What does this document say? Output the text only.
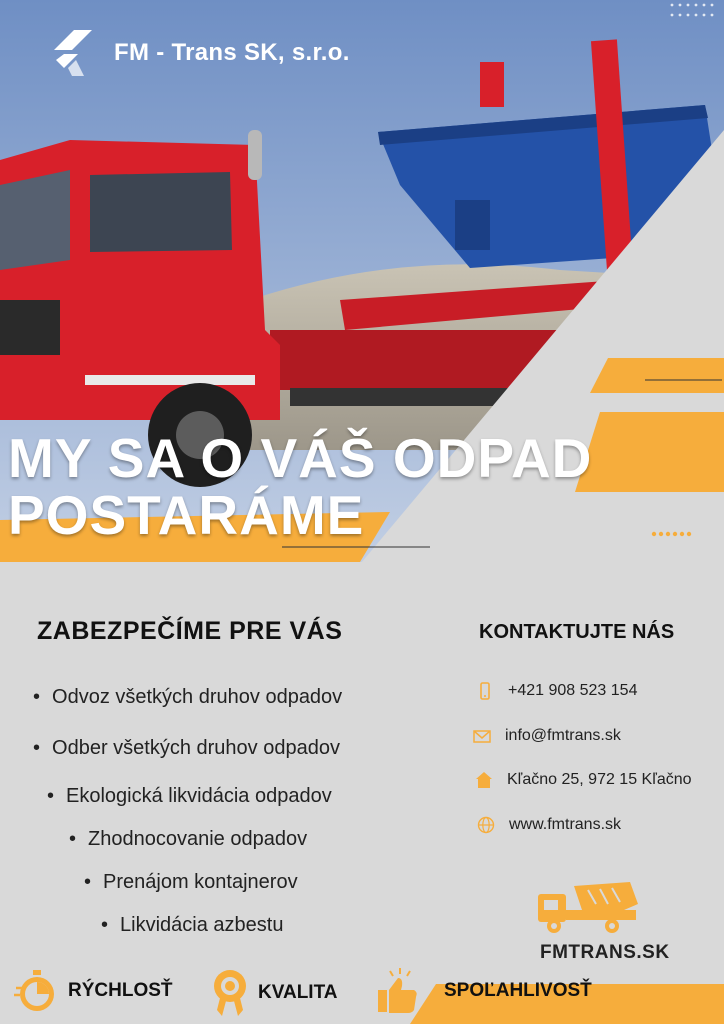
FM - Trans SK, s.r.o.
MY SA O VÁŠ ODPAD
POSTARÁME
ZABEZPEČÍME PRE VÁS
• Odvoz všetkých druhov odpadov
• Odber všetkých druhov odpadov
• Ekologická likvidácia odpadov
• Zhodnocovanie odpadov
• Prenájom kontajnerov
• Likvidácia azbestu
KONTAKTUJTE NÁS
+421 908 523 154
info@fmtrans.sk
Kľačno 25, 972 15 Kľačno
www.fmtrans.sk
FMTRANS.SK
RÝCHLOSŤ	KVALITA	SPOĽAHLIVOSŤ
